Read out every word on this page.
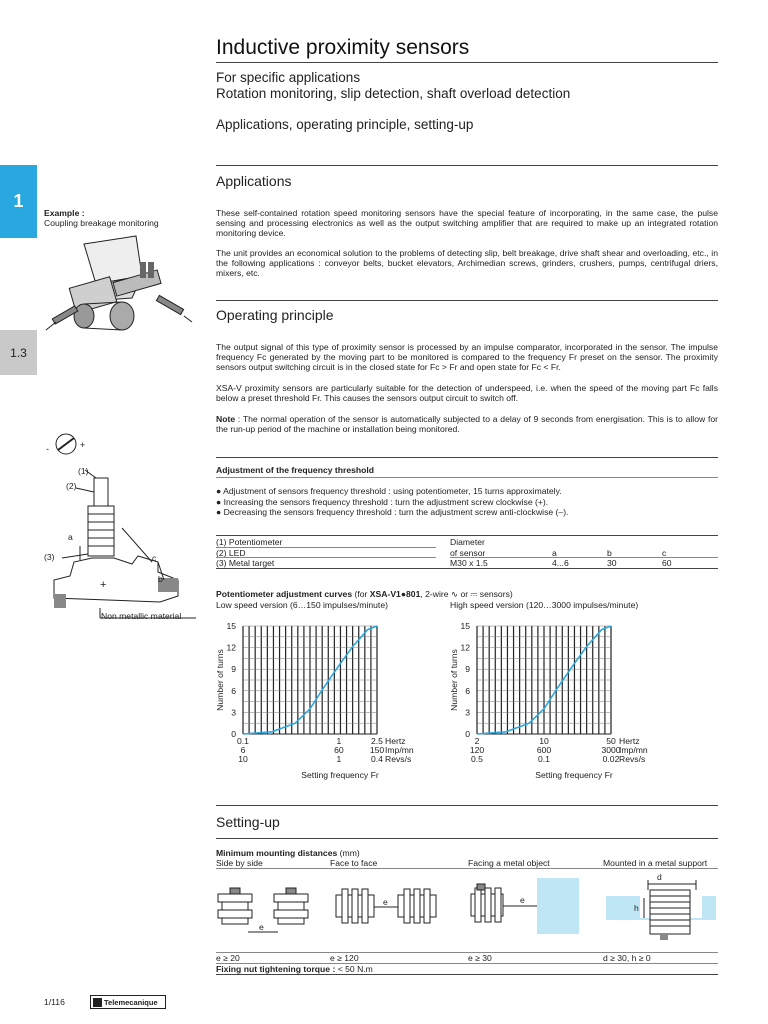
Inductive proximity sensors
For specific applications
Rotation monitoring, slip detection, shaft overload detection
Applications, operating principle, setting-up
1
1.3
Applications
Example :
Coupling breakage monitoring
These self-contained rotation speed monitoring sensors have the special feature of incorporating, in the same case, the pulse sensing and processing electronics as well as the output switching amplifier that are required to make up an integrated rotation monitoring device.
The unit provides an economical solution to the problems of detecting slip, belt breakage, drive shaft shear and overloading, etc., in the following applications : conveyor belts, bucket elevators, Archimedian screws, grinders, crushers, pumps, centrifugal driers, mixers, etc.
Operating principle
The output signal of this type of proximity sensor is processed by an impulse comparator, incorporated in the sensor. The impulse frequency Fc generated by the moving part to be monitored is compared to the frequency Fr preset on the sensor. The proximity sensors output switching circuit is in the closed state for Fc > Fr and open state for Fc < Fr.
XSA-V proximity sensors are particularly suitable for the detection of underspeed, i.e. when the speed of the moving part Fc falls below a preset threshold Fr. This causes the sensors output circuit to switch off.
Note : The normal operation of the sensor is automatically subjected to a delay of 9 seconds from energisation. This is to allow for the run-up period of the machine or installation being monitored.
-	+
+
(1)
(2)
(3)
a
b
c
Non metallic material
Adjustment of the frequency threshold
● Adjustment of sensors frequency threshold : using potentiometer, 15 turns approximately.
● Increasing the sensors frequency threshold : turn the adjustment screw clockwise (+).
● Decreasing the sensors frequency threshold : turn the adjustment screw anti-clockwise (–).
(1) Potentiometer
(2) LED
(3) Metal target
Diameter
of sensor	a	b	c
M30 x 1.5	4...6	30	60
Potentiometer adjustment curves (for XSA-V1●801, 2-wire ∿ or ⎓ sensors)
Low speed version (6…150 impulses/minute)	High speed version (120…3000 impulses/minute)
0
3
6
9
12
15
Number of turns
0.1
6
10
1
60
1
2.5
150
0.4
Hertz
Imp/mn
Revs/s
Setting frequency Fr
0
3
6
9
12
15
Number of turns
2
120
0.5
10
600
0.1
50
3000
0.02
Hertz
Imp/mn
Revs/s
Setting frequency Fr
Setting-up
Minimum mounting distances (mm)
Side by side	Face to face	Facing a metal object	Mounted in a metal support
e
e	e
d
h
e ≥ 20	e ≥ 120	e ≥ 30	d ≥ 30, h ≥ 0
Fixing nut tightening torque : < 50 N.m
1/116	Telemecanique
